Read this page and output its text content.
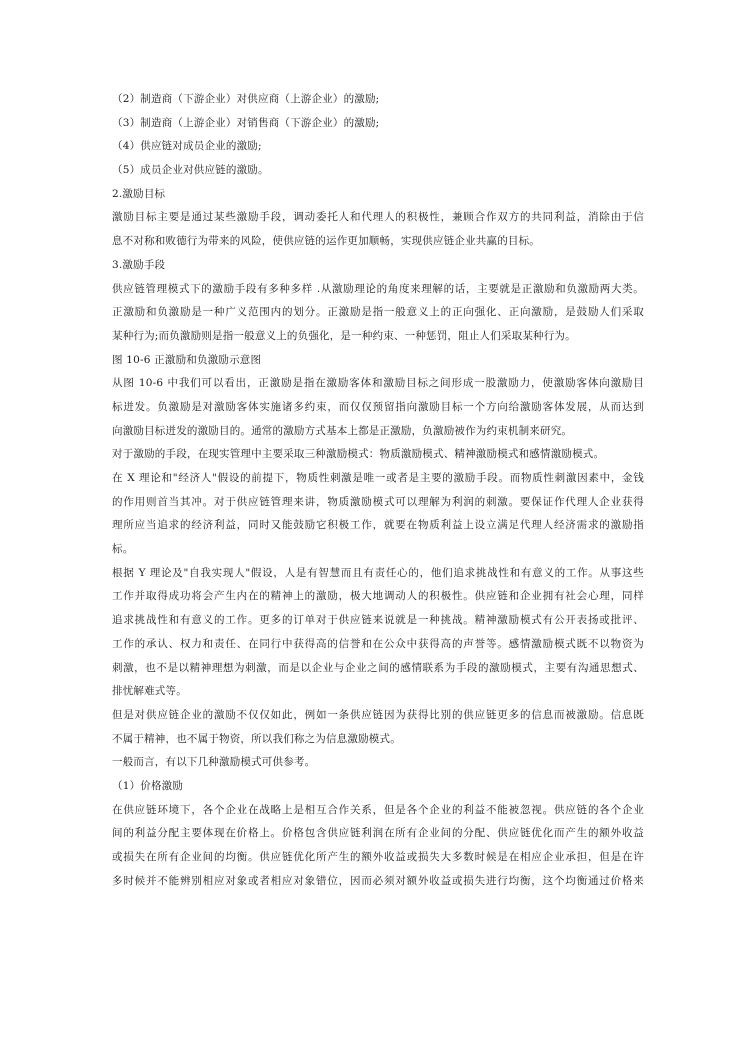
（2）制造商（下游企业）对供应商（上游企业）的激励;
（3）制造商（上游企业）对销售商（下游企业）的激励;
（4）供应链对成员企业的激励;
（5）成员企业对供应链的激励。
2.激励目标
激励目标主要是通过某些激励手段，调动委托人和代理人的积极性，兼顾合作双方的共同利益，消除由于信
息不对称和败德行为带来的风险，使供应链的运作更加顺畅，实现供应链企业共赢的目标。
3.激励手段
供应链管理模式下的激励手段有多种多样 .从激励理论的角度来理解的话，主要就是正激励和负激励两大类。
正激励和负激励是一种广义范围内的划分。正激励是指一般意义上的正向强化、正向激励，是鼓励人们采取
某种行为;而负激励则是指一般意义上的负强化，是一种约束、一种惩罚，阻止人们采取某种行为。
图 10-6 正激励和负激励示意图
从图 10-6 中我们可以看出，正激励是指在激励客体和激励目标之间形成一股激励力，使激励客体向激励目
标迸发。负激励是对激励客体实施诸多约束，而仅仅预留指向激励目标一个方向给激励客体发展，从而达到
向激励目标迸发的激励目的。通常的激励方式基本上都是正激励，负激励被作为约束机制来研究。
对于激励的手段，在现实管理中主要采取三种激励模式：物质激励模式、精神激励模式和感情激励模式。
在 X 理论和"经济人"假设的前提下，物质性刺激是唯一或者是主要的激励手段。而物质性刺激因素中，金钱
的作用则首当其冲。对于供应链管理来讲，物质激励模式可以理解为利润的刺激。要保证作代理人企业获得
理所应当追求的经济利益，同时又能鼓励它积极工作，就要在物质利益上设立满足代理人经济需求的激励指
标。
根据 Y 理论及"自我实现人"假设，人是有智慧而且有责任心的，他们追求挑战性和有意义的工作。从事这些
工作并取得成功将会产生内在的精神上的激励，极大地调动人的积极性。供应链和企业拥有社会心理，同样
追求挑战性和有意义的工作。更多的订单对于供应链来说就是一种挑战。精神激励模式有公开表扬或批评、
工作的承认、权力和责任、在同行中获得高的信誉和在公众中获得高的声誉等。感情激励模式既不以物资为
刺激，也不是以精神理想为刺激，而是以企业与企业之间的感情联系为手段的激励模式，主要有沟通思想式、
排忧解难式等。
但是对供应链企业的激励不仅仅如此，例如一条供应链因为获得比别的供应链更多的信息而被激励。信息既
不属于精神，也不属于物资，所以我们称之为信息激励模式。
一般而言，有以下几种激励模式可供参考。
（1）价格激励
在供应链环境下，各个企业在战略上是相互合作关系，但是各个企业的利益不能被忽视。供应链的各个企业
间的利益分配主要体现在价格上。价格包含供应链利润在所有企业间的分配、供应链优化而产生的额外收益
或损失在所有企业间的均衡。供应链优化所产生的额外收益或损失大多数时候是在相应企业承担，但是在许
多时候并不能辨别相应对象或者相应对象错位，因而必须对额外收益或损失进行均衡，这个均衡通过价格来
